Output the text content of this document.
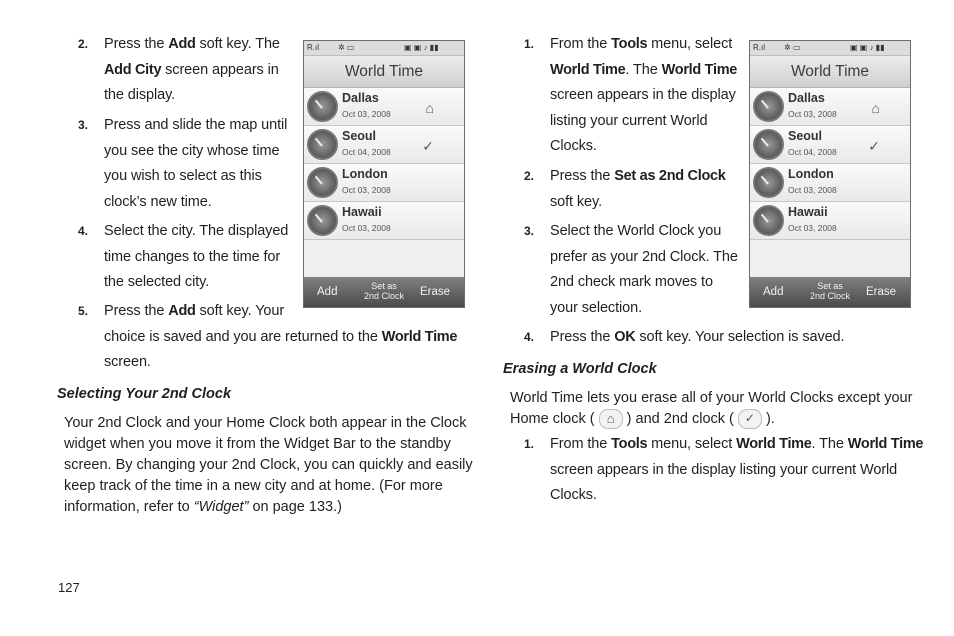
2. Press the Add soft key. The
Add City screen appears in
the display.
3. Press and slide the map until
you see the city whose time
you wish to select as this
clock’s new time.
4. Select the city. The displayed
time changes to the time for
the selected city.
5. Press the Add soft key. Your
choice is saved and you are returned to the World Time
screen.
Selecting Your 2nd Clock
Your 2nd Clock and your Home Clock both appear in the Clock
widget when you move it from the Widget Bar to the standby
screen. By changing your 2nd Clock, you can quickly and easily
keep track of the time in a new city and at home. (For more
information, refer to “Widget” on page 133.)
R.ıl ✲ ▭	▣ ▣ ♪ ▮▮
World Time
Dallas
Oct 03, 2008 ⌂
Seoul
Oct 04, 2008 ✓
London
Oct 03, 2008
Hawaii
Oct 03, 2008
Add	Set as
2nd Clock	Erase
1. From the Tools menu, select
World Time. The World Time
screen appears in the display
listing your current World
Clocks.
2. Press the Set as 2nd Clock
soft key.
3. Select the World Clock you
prefer as your 2nd Clock. The
2nd check mark moves to
your selection.
4. Press the OK soft key. Your selection is saved.
Erasing a World Clock
World Time lets you erase all of your World Clocks except your
Home clock ( ⌂ ) and 2nd clock ( ✓ ).
1. From the Tools menu, select World Time. The World Time
screen appears in the display listing your current World
Clocks.
R.ıl ✲ ▭	▣ ▣ ♪ ▮▮
World Time
Dallas
Oct 03, 2008 ⌂
Seoul
Oct 04, 2008 ✓
London
Oct 03, 2008
Hawaii
Oct 03, 2008
Add	Set as
2nd Clock	Erase
127
